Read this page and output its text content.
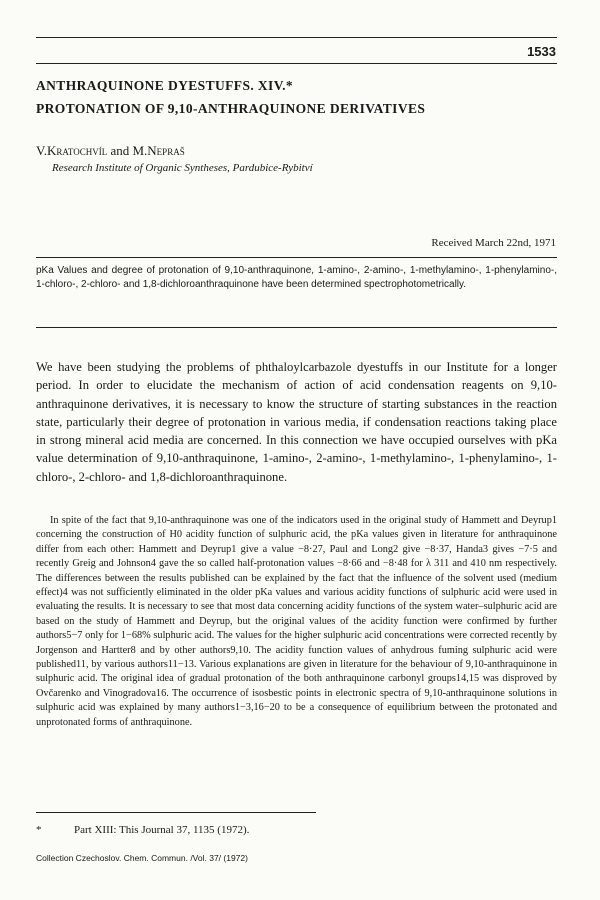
1533
ANTHRAQUINONE DYESTUFFS. XIV.*
PROTONATION OF 9,10-ANTHRAQUINONE DERIVATIVES

V.Kratochvíl and M.Nepraš

Research Institute of Organic Syntheses, Pardubice-Rybitví

Received March 22nd, 1971

pKa Values and degree of protonation of 9,10-anthraquinone, 1-amino-, 2-amino-, 1-methylamino-, 1-phenylamino-, 1-chloro-, 2-chloro- and 1,8-dichloroanthraquinone have been determined spectrophotometrically.

We have been studying the problems of phthaloylcarbazole dyestuffs in our Institute for a longer period. In order to elucidate the mechanism of action of acid condensation reagents on 9,10-anthraquinone derivatives, it is necessary to know the structure of starting substances in the reaction state, particularly their degree of protonation in various media, if condensation reactions taking place in strong mineral acid media are concerned. In this connection we have occupied ourselves with pKa value determination of 9,10-anthraquinone, 1-amino-, 2-amino-, 1-methylamino-, 1-phenylamino-, 1-chloro-, 2-chloro- and 1,8-dichloroanthraquinone.

In spite of the fact that 9,10-anthraquinone was one of the indicators used in the original study of Hammett and Deyrup1 concerning the construction of H0 acidity function of sulphuric acid, the pKa values given in literature for anthraquinone differ from each other: Hammett and Deyrup1 give a value −8·27, Paul and Long2 give −8·37, Handa3 gives −7·5 and recently Greig and Johnson4 gave the so called half-protonation values −8·66 and −8·48 for λ 311 and 410 nm respectively. The differences between the results published can be explained by the fact that the influence of the solvent used (medium effect)4 was not sufficiently eliminated in the older pKa values and various acidity functions of sulphuric acid were used in evaluating the results. It is necessary to see that most data concerning acidity functions of the system water–sulphuric acid are based on the study of Hammett and Deyrup, but the original values of the acidity function were confirmed by further authors5−7 only for 1−68% sulphuric acid. The values for the higher sulphuric acid concentrations were corrected recently by Jorgenson and Hartter8 and by other authors9,10. The acidity function values of anhydrous fuming sulphuric acid were published11, by various authors11−13. Various explanations are given in literature for the behaviour of 9,10-anthraquinone in sulphuric acid. The original idea of gradual protonation of the both anthraquinone carbonyl groups14,15 was disproved by Ovčarenko and Vinogradova16. The occurrence of isosbestic points in electronic spectra of 9,10-anthraquinone solutions in sulphuric acid was explained by many authors1−3,16−20 to be a consequence of equilibrium between the protonated and unprotonated forms of anthraquinone.

*	Part XIII: This Journal 37, 1135 (1972).

Collection Czechoslov. Chem. Commun. /Vol. 37/ (1972)
